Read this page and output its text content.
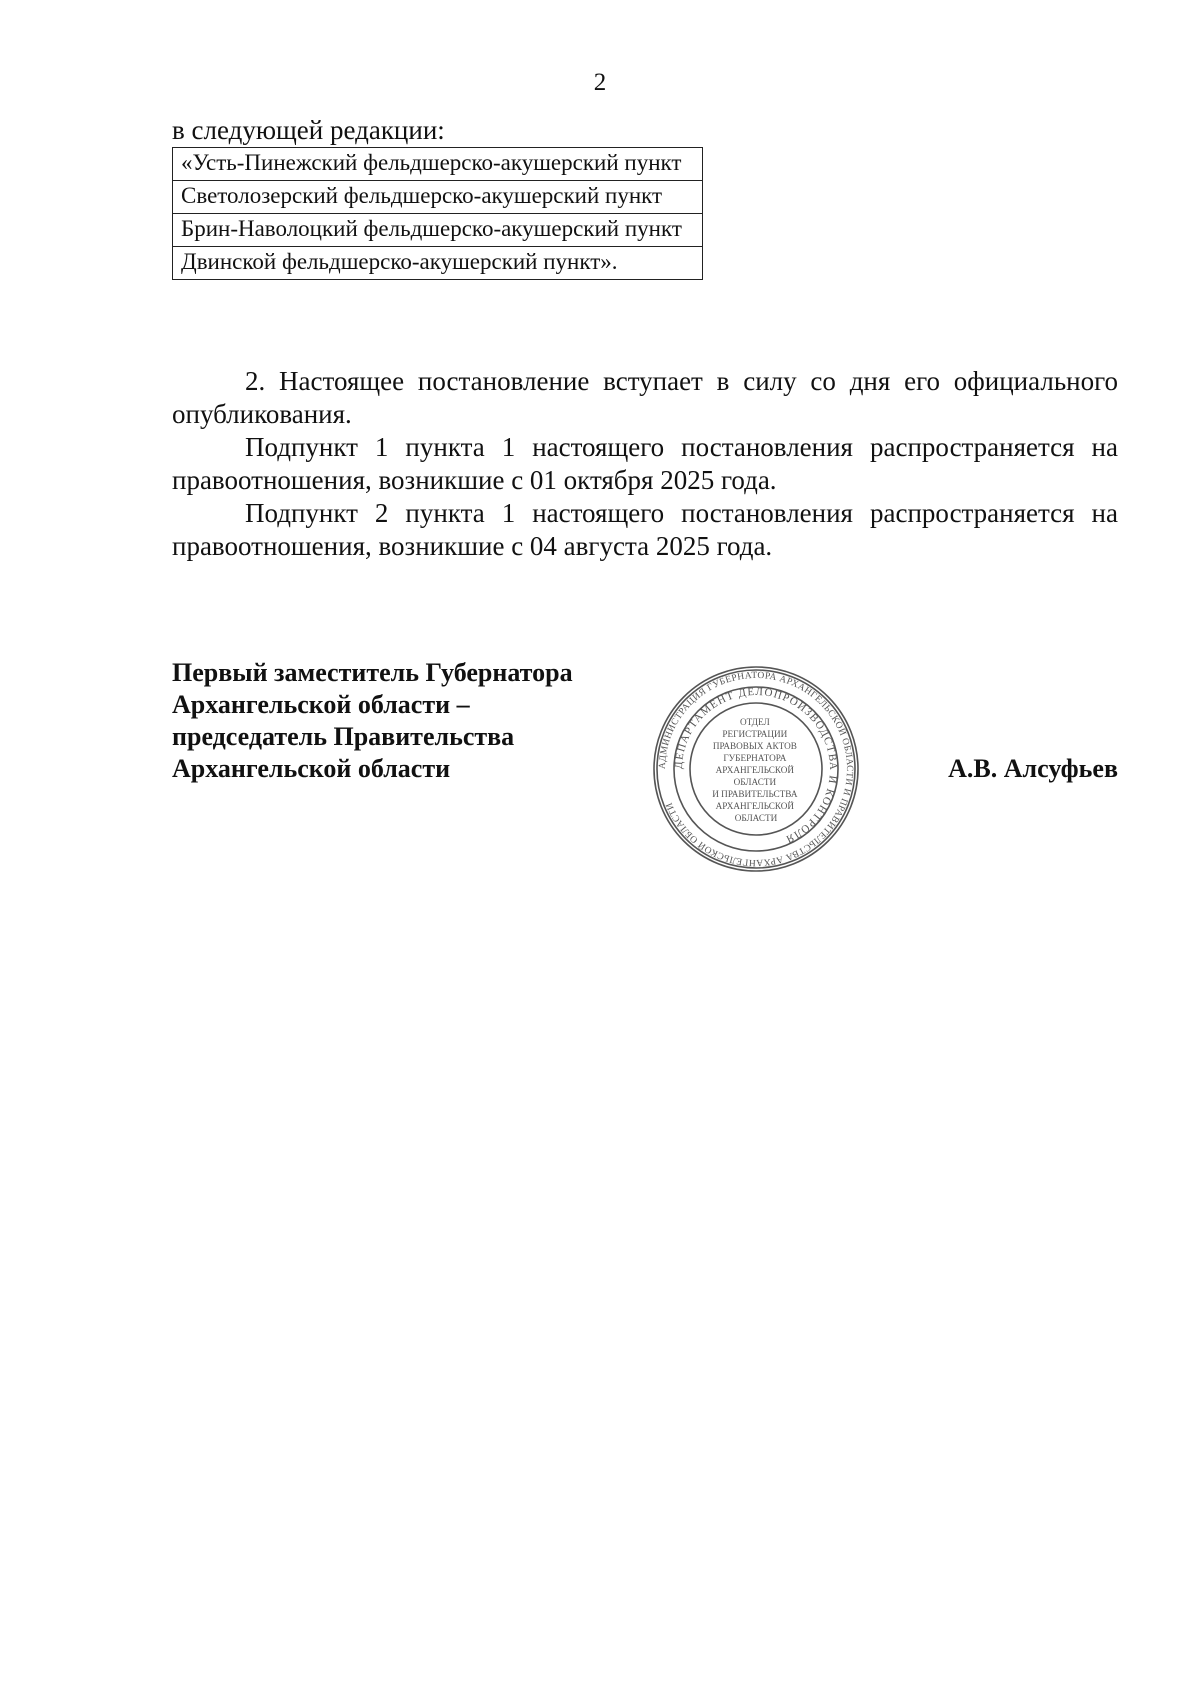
2
в следующей редакции:
«Усть-Пинежский фельдшерско-акушерский пункт
Светолозерский фельдшерско-акушерский пункт
Брин-Наволоцкий фельдшерско-акушерский пункт
Двинской фельдшерско-акушерский пункт».

2. Настоящее постановление вступает в силу со дня его официального опубликования.

Подпункт 1 пункта 1 настоящего постановления распространяется на правоотношения, возникшие с 01 октября 2025 года.

Подпункт 2 пункта 1 настоящего постановления распространяется на правоотношения, возникшие с 04 августа 2025 года.

Первый заместитель Губернатора
Архангельской области –
председатель Правительства
Архангельской области	АДМИНИСТРАЦИЯ ГУБЕРНАТОРА АРХАНГЕЛЬСКОЙ ОБЛАСТИ И ПРАВИТЕЛЬСТВА АРХАНГЕЛЬСКОЙ ОБЛАСТИ
ДЕПАРТАМЕНТ ДЕЛОПРОИЗВОДСТВА И КОНТРОЛЯ
ОТДЕЛ РЕГИСТРАЦИИ ПРАВОВЫХ АКТОВ ГУБЕРНАТОРА АРХАНГЕЛЬСКОЙ ОБЛАСТИ И ПРАВИТЕЛЬСТВА АРХАНГЕЛЬСКОЙ ОБЛАСТИ
А.В. Алсуфьев
